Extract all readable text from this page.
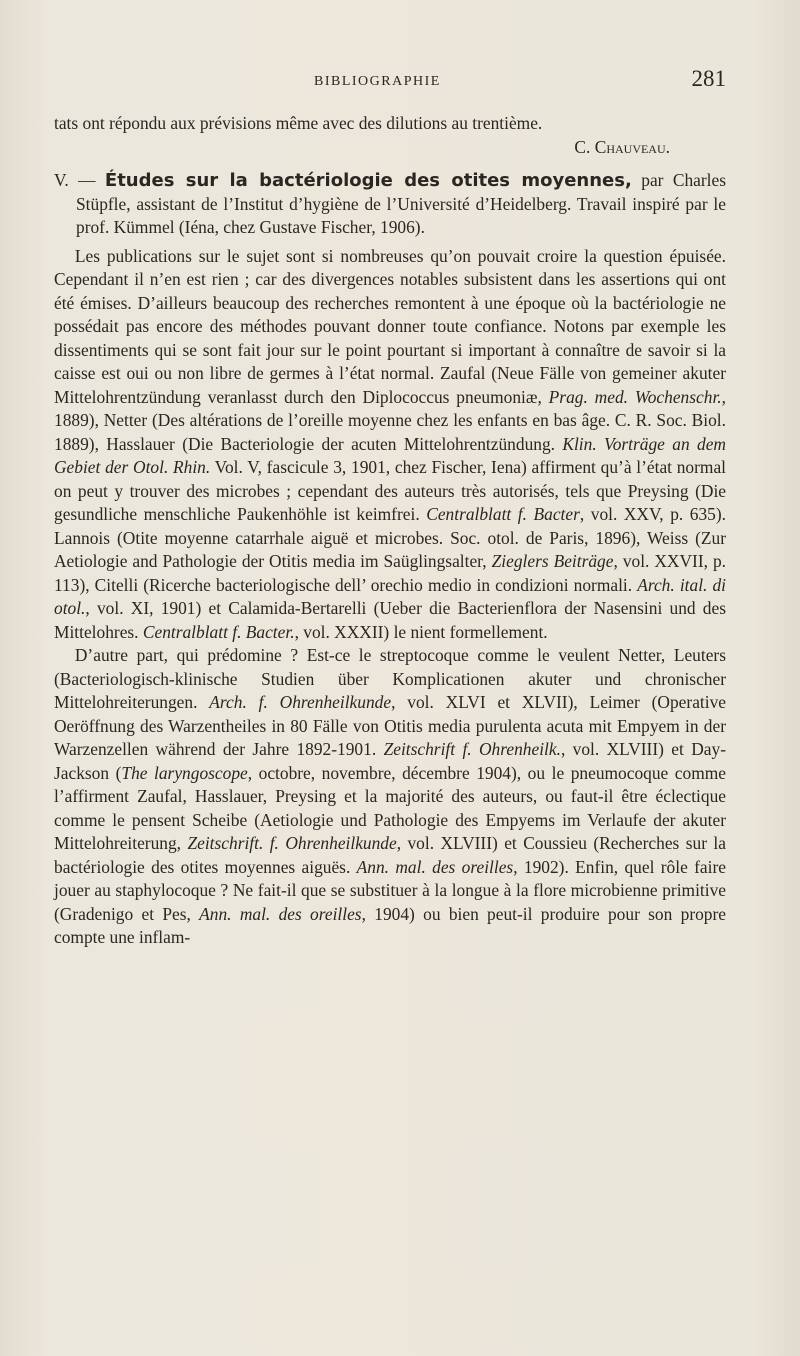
BIBLIOGRAPHIE	281

tats ont répondu aux prévisions même avec des dilutions au trentième.

C. Chauveau.

V. — Études sur la bactériologie des otites moyennes, par Charles Stüpfle, assistant de l’Institut d’hygiène de l’Université d’Heidelberg. Travail inspiré par le prof. Kümmel (Iéna, chez Gustave Fischer, 1906).

Les publications sur le sujet sont si nombreuses qu’on pouvait croire la question épuisée. Cependant il n’en est rien ; car des divergences notables subsistent dans les assertions qui ont été émises. D’ailleurs beaucoup des recherches remontent à une époque où la bactériologie ne possédait pas encore des méthodes pouvant donner toute confiance. Notons par exemple les dissentiments qui se sont fait jour sur le point pourtant si important à connaître de savoir si la caisse est oui ou non libre de germes à l’état normal. Zaufal (Neue Fälle von gemeiner akuter Mittelohrentzündung veranlasst durch den Diplococcus pneumoniæ, Prag. med. Wochenschr., 1889), Netter (Des altérations de l’oreille moyenne chez les enfants en bas âge. C. R. Soc. Biol. 1889), Hasslauer (Die Bacteriologie der acuten Mittelohrentzündung. Klin. Vorträge an dem Gebiet der Otol. Rhin. Vol. V, fascicule 3, 1901, chez Fischer, Iena) affirment qu’à l’état normal on peut y trouver des microbes ; cependant des auteurs très autorisés, tels que Preysing (Die gesundliche menschliche Paukenhöhle ist keimfrei. Centralblatt f. Bacter, vol. XXV, p. 635). Lannois (Otite moyenne catarrhale aiguë et microbes. Soc. otol. de Paris, 1896), Weiss (Zur Aetiologie and Pathologie der Otitis media im Saüglingsalter, Zieglers Beiträge, vol. XXVII, p. 113), Citelli (Ricerche bacteriologische dell’ orechio medio in condizioni normali. Arch. ital. di otol., vol. XI, 1901) et Calamida-Bertarelli (Ueber die Bacterienflora der Nasensini und des Mittelohres. Centralblatt f. Bacter., vol. XXXII) le nient formellement.

D’autre part, qui prédomine ? Est-ce le streptocoque comme le veulent Netter, Leuters (Bacteriologisch-klinische Studien über Komplicationen akuter und chronischer Mittelohreiterungen. Arch. f. Ohrenheilkunde, vol. XLVI et XLVII), Leimer (Operative Oeröffnung des Warzentheiles in 80 Fälle von Otitis media purulenta acuta mit Empyem in der Warzenzellen während der Jahre 1892-1901. Zeitschrift f. Ohrenheilk., vol. XLVIII) et Day-Jackson (The laryngoscope, octobre, novembre, décembre 1904), ou le pneumocoque comme l’affirment Zaufal, Hasslauer, Preysing et la majorité des auteurs, ou faut-il être éclectique comme le pensent Scheibe (Aetiologie und Pathologie des Empyems im Verlaufe der akuter Mittelohreiterung, Zeitschrift. f. Ohrenheilkunde, vol. XLVIII) et Coussieu (Recherches sur la bactériologie des otites moyennes aiguës. Ann. mal. des oreilles, 1902). Enfin, quel rôle faire jouer au staphylocoque ? Ne fait-il que se substituer à la longue à la flore microbienne primitive (Gradenigo et Pes, Ann. mal. des oreilles, 1904) ou bien peut-il produire pour son propre compte une inflam-
